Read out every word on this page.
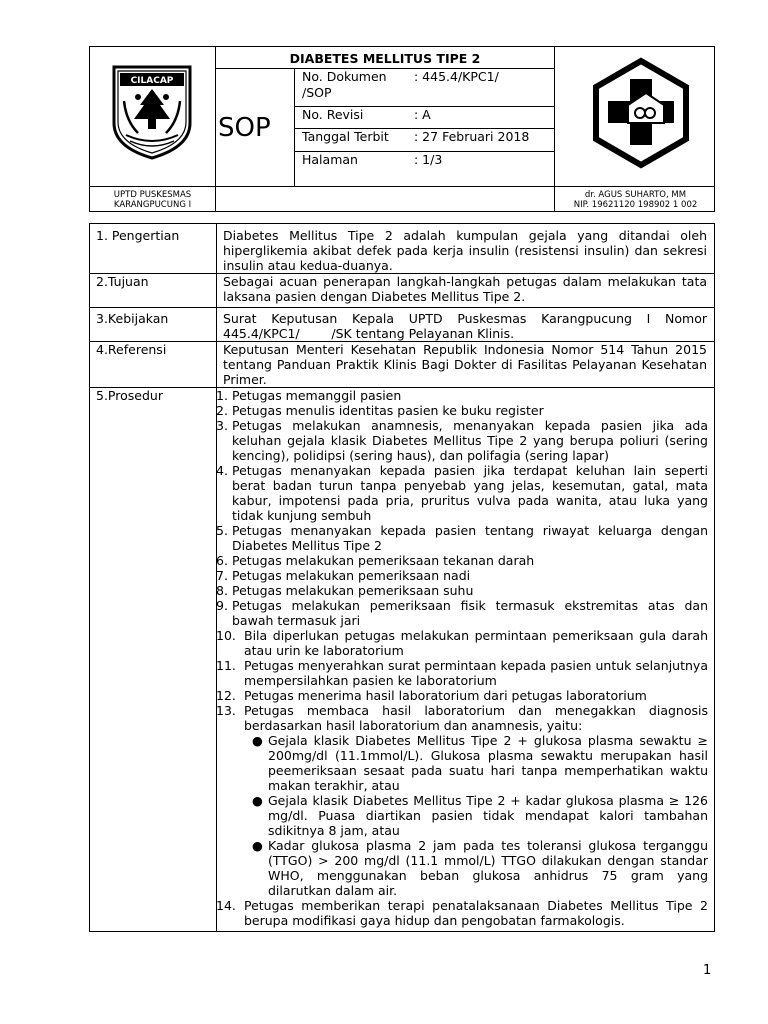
CILACAP
DIABETES MELLITUS TIPE 2
SOP
No. Dokumen : 445.4/KPC1/
/SOP
No. Revisi	: A
Tanggal Terbit : 27 Februari 2018
Halaman	: 1/3
UPTD PUSKESMAS
KARANGPUCUNG I
dr. AGUS SUHARTO, MM
NIP. 19621120 198902 1 002
1. Pengertian	Diabetes Mellitus Tipe 2 adalah kumpulan gejala yang ditandai oleh hiperglikemia akibat defek pada kerja insulin (resistensi insulin) dan sekresi insulin atau kedua-duanya.
2.Tujuan	Sebagai acuan penerapan langkah-langkah petugas dalam melakukan tata laksana pasien dengan Diabetes Mellitus Tipe 2.
3.Kebijakan	Surat Keputusan Kepala UPTD Puskesmas Karangpucung I Nomor 445.4/KPC1/        /SK tentang Pelayanan Klinis.
4.Referensi	Keputusan Menteri Kesehatan Republik Indonesia Nomor 514 Tahun 2015 tentang Panduan Praktik Klinis Bagi Dokter di Fasilitas Pelayanan Kesehatan Primer.
5.Prosedur	1. Petugas memanggil pasien
2. Petugas menulis identitas pasien ke buku register
3. Petugas melakukan anamnesis, menanyakan kepada pasien jika ada keluhan gejala klasik Diabetes Mellitus Tipe 2 yang berupa poliuri (sering kencing), polidipsi (sering haus), dan polifagia (sering lapar)
4. Petugas menanyakan kepada pasien jika terdapat keluhan lain seperti berat badan turun tanpa penyebab yang jelas, kesemutan, gatal, mata kabur, impotensi pada pria, pruritus vulva pada wanita, atau luka yang tidak kunjung sembuh
5. Petugas menanyakan kepada pasien tentang riwayat keluarga dengan Diabetes Mellitus Tipe 2
6. Petugas melakukan pemeriksaan tekanan darah
7. Petugas melakukan pemeriksaan nadi
8. Petugas melakukan pemeriksaan suhu
9. Petugas melakukan pemeriksaan fisik termasuk ekstremitas atas dan bawah termasuk jari
10. Bila diperlukan petugas melakukan permintaan pemeriksaan gula darah atau urin ke laboratorium
11. Petugas menyerahkan surat permintaan kepada pasien untuk selanjutnya mempersilahkan pasien ke laboratorium
12. Petugas menerima hasil laboratorium dari petugas laboratorium
13. Petugas membaca hasil laboratorium dan menegakkan diagnosis berdasarkan hasil laboratorium dan anamnesis, yaitu:
● Gejala klasik Diabetes Mellitus Tipe 2 + glukosa plasma sewaktu ≥ 200mg/dl (11.1mmol/L). Glukosa plasma sewaktu merupakan hasil peemeriksaan sesaat pada suatu hari tanpa memperhatikan waktu makan terakhir, atau
● Gejala klasik Diabetes Mellitus Tipe 2 + kadar glukosa plasma ≥ 126 mg/dl. Puasa diartikan pasien tidak mendapat kalori tambahan sdikitnya 8 jam, atau
● Kadar glukosa plasma 2 jam pada tes toleransi glukosa terganggu (TTGO) > 200 mg/dl (11.1 mmol/L) TTGO dilakukan dengan standar WHO, menggunakan beban glukosa anhidrus 75 gram yang dilarutkan dalam air.
14. Petugas memberikan terapi penatalaksanaan Diabetes Mellitus Tipe 2 berupa modifikasi gaya hidup dan pengobatan farmakologis.
1
